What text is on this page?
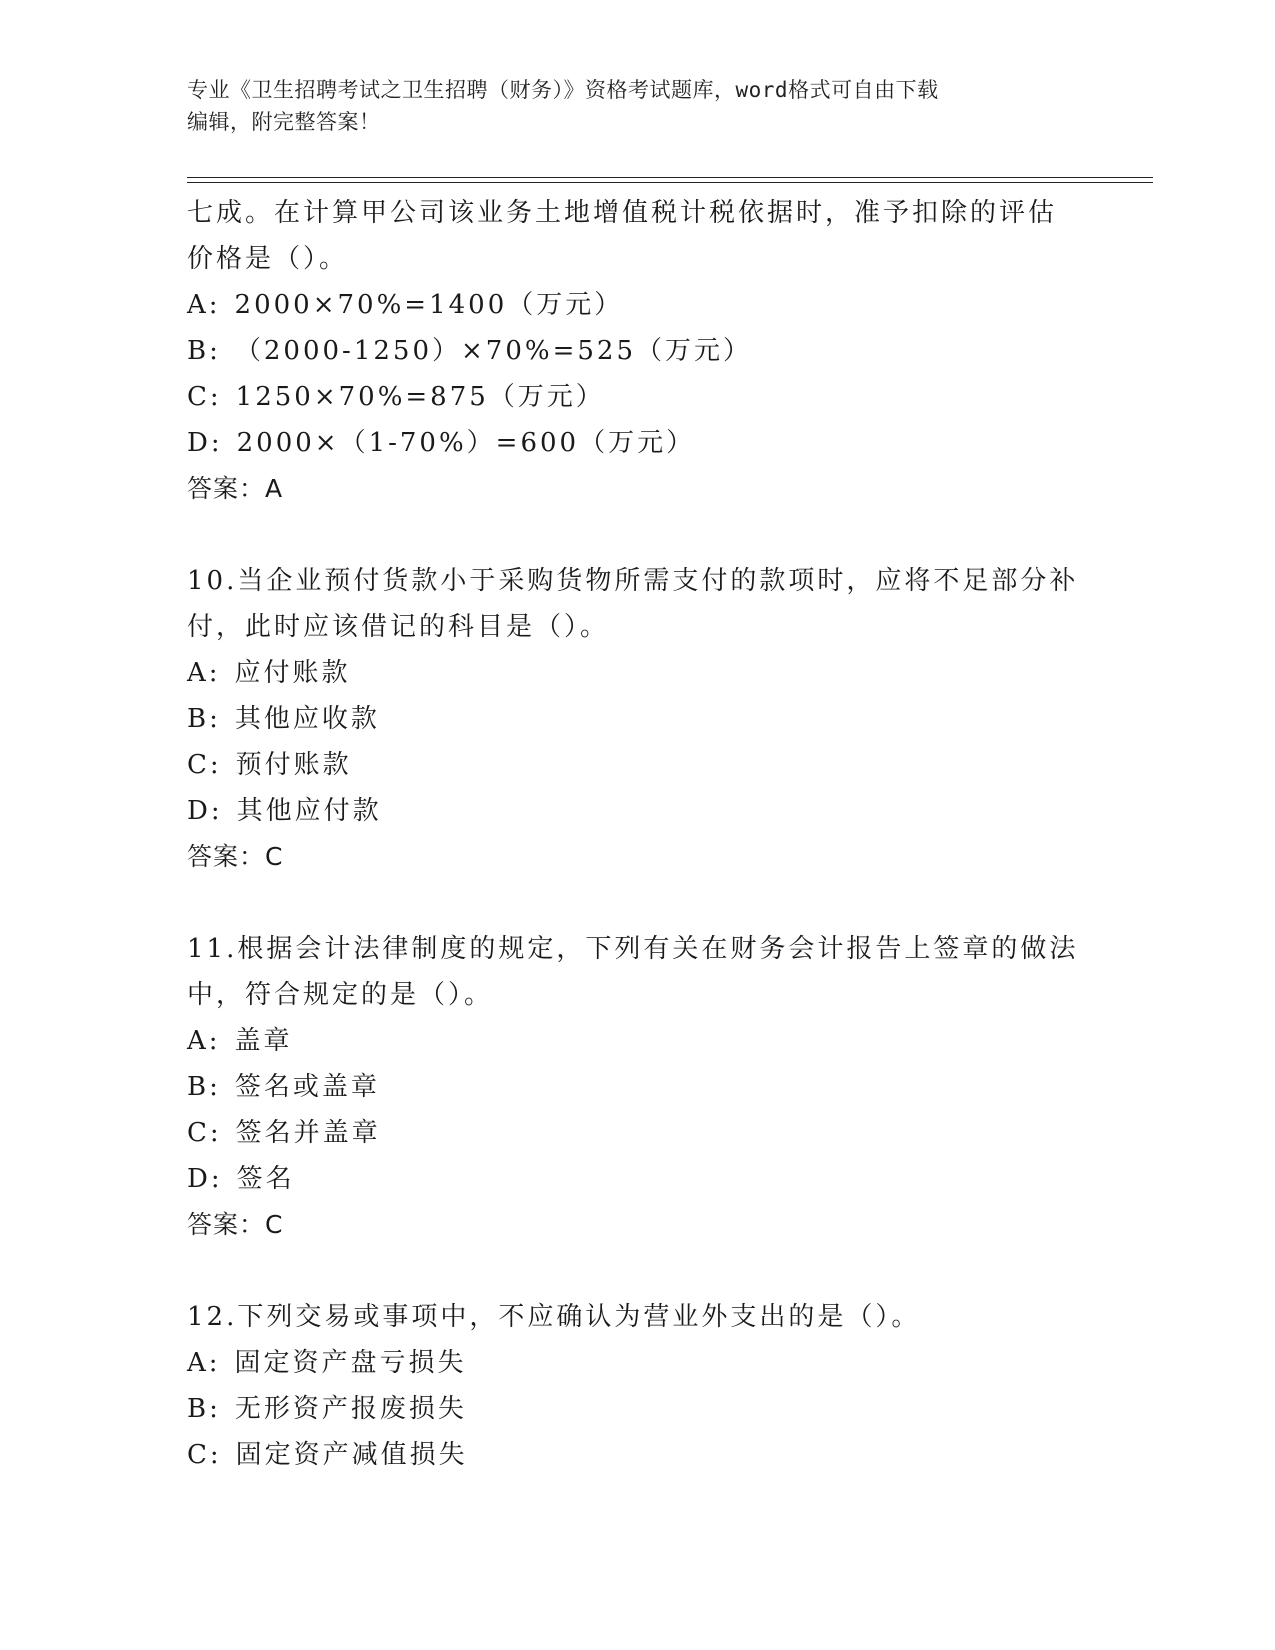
专业《卫生招聘考试之卫生招聘（财务）》资格考试题库，word格式可自由下载
编辑，附完整答案！
七成。在计算甲公司该业务土地增值税计税依据时，准予扣除的评估
价格是（）。
A: 2000×70%=1400（万元）
B: （2000-1250）×70%=525（万元）
C: 1250×70%=875（万元）
D: 2000×（1-70%）=600（万元）
答案：A
10.当企业预付货款小于采购货物所需支付的款项时，应将不足部分补
付，此时应该借记的科目是（）。
A: 应付账款
B: 其他应收款
C: 预付账款
D: 其他应付款
答案：C
11.根据会计法律制度的规定，下列有关在财务会计报告上签章的做法
中，符合规定的是（）。
A: 盖章
B: 签名或盖章
C: 签名并盖章
D: 签名
答案：C
12.下列交易或事项中，不应确认为营业外支出的是（）。
A: 固定资产盘亏损失
B: 无形资产报废损失
C: 固定资产减值损失
